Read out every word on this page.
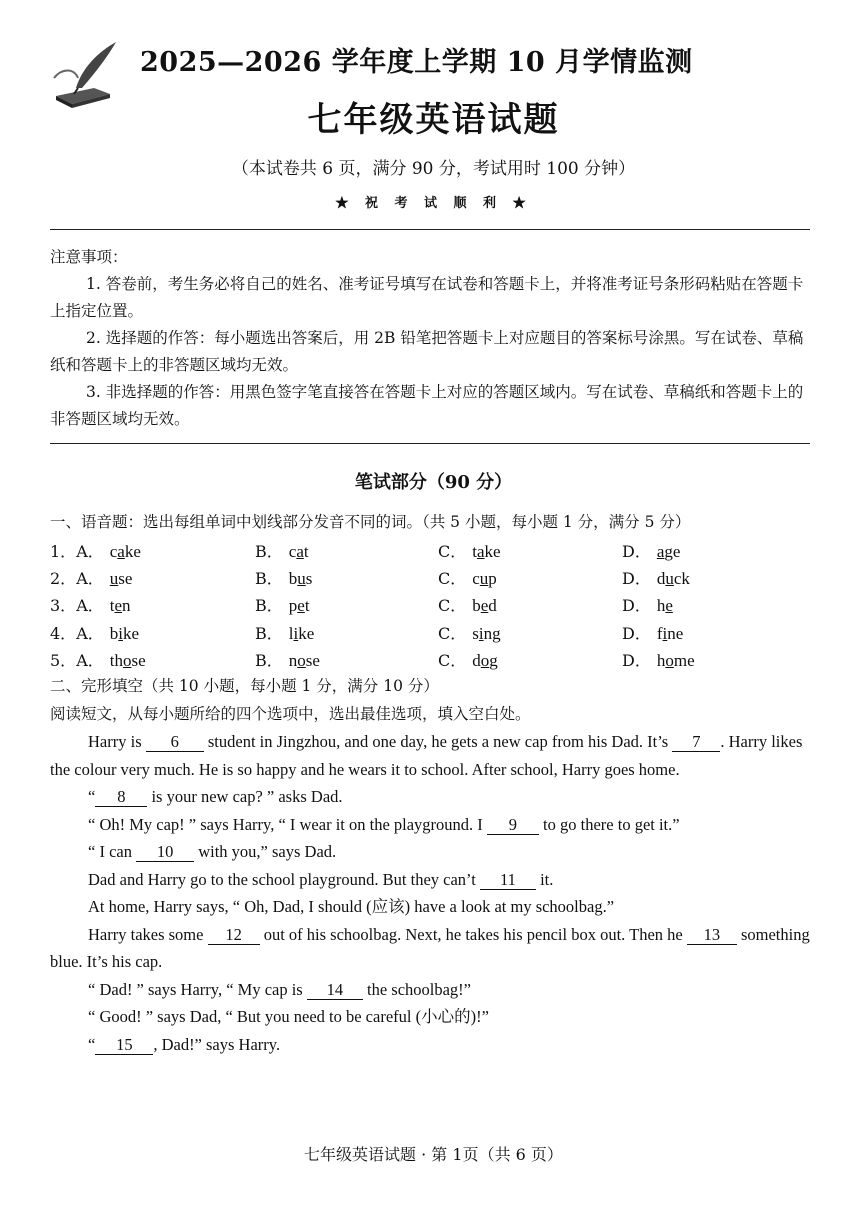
2025—2026 学年度上学期 10 月学情监测
七年级英语试题
（本试卷共 6 页，满分 90 分，考试用时 100 分钟）
★ 祝 考 试 顺 利 ★

注意事项：

1. 答卷前，考生务必将自己的姓名、准考证号填写在试卷和答题卡上，并将准考证号条形码粘贴在答题卡上指定位置。

2. 选择题的作答：每小题选出答案后，用 2B 铅笔把答题卡上对应题目的答案标号涂黑。写在试卷、草稿纸和答题卡上的非答题区域均无效。

3. 非选择题的作答：用黑色签字笔直接答在答题卡上对应的答题区域内。写在试卷、草稿纸和答题卡上的非答题区域均无效。

笔试部分（90 分）
一、语音题：选出每组单词中划线部分发音不同的词。（共 5 小题，每小题 1 分，满分 5 分）
1．A． cake	B． cat	C． take	D． age
2．A． use	B． bus	C． cup	D． duck
3．A． ten	B． pet	C． bed	D． he
4．A． bike	B． like	C． sing	D． fine
5．A． those	B． nose	C． dog	D． home
二、完形填空（共 10 小题，每小题 1 分，满分 10 分）
阅读短文，从每小题所给的四个选项中，选出最佳选项，填入空白处。

Harry is 6 student in Jingzhou, and one day, he gets a new cap from his Dad. It’s 7 . Harry likes the colour very much. He is so happy and he wears it to school. After school, Harry goes home.

“ 8 is your new cap? ” asks Dad.

“ Oh! My cap! ” says Harry, “ I wear it on the playground. I 9 to go there to get it.”

“ I can 10 with you,” says Dad.

Dad and Harry go to the school playground. But they can’t 11 it.

At home, Harry says, “ Oh, Dad, I should (应该) have a look at my schoolbag.”

Harry takes some 12 out of his schoolbag. Next, he takes his pencil box out. Then he 13 something blue. It’s his cap.

“ Dad! ” says Harry, “ My cap is 14 the schoolbag!”

“ Good! ” says Dad, “ But you need to be careful (小心的)!”

“ 15 , Dad!” says Harry.

七年级英语试题 · 第 1页（共 6 页）
